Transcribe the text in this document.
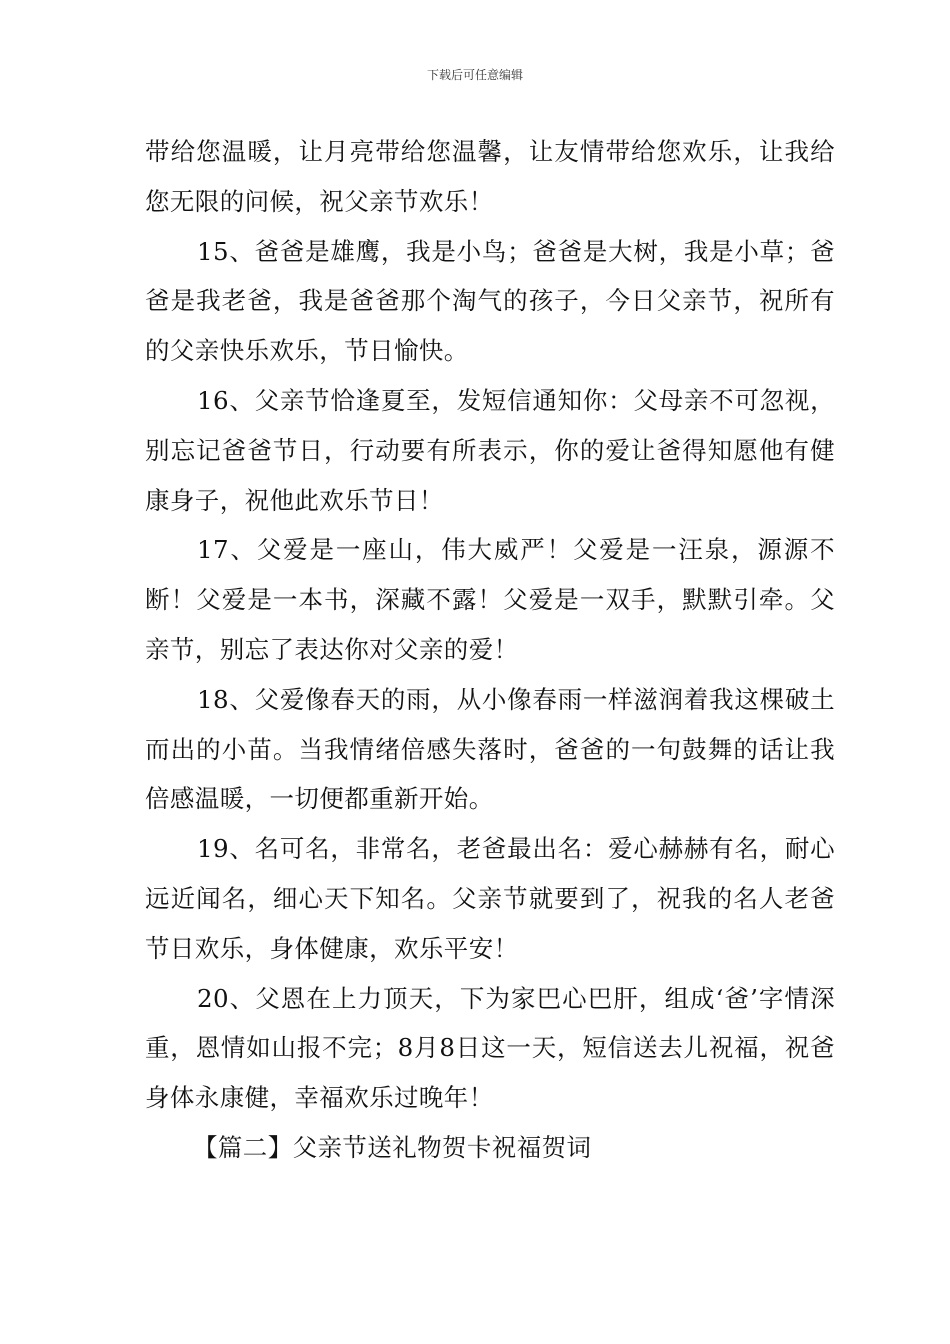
下载后可任意编辑

带给您温暖，让月亮带给您温馨，让友情带给您欢乐，让我给您无限的问候，祝父亲节欢乐！

15、爸爸是雄鹰，我是小鸟；爸爸是大树，我是小草；爸爸是我老爸，我是爸爸那个淘气的孩子，今日父亲节，祝所有的父亲快乐欢乐，节日愉快。

16、父亲节恰逢夏至，发短信通知你：父母亲不可忽视，别忘记爸爸节日，行动要有所表示，你的爱让爸得知愿他有健康身子，祝他此欢乐节日！

17、父爱是一座山，伟大威严！父爱是一汪泉，源源不断！父爱是一本书，深藏不露！父爱是一双手，默默引牵。父亲节，别忘了表达你对父亲的爱！

18、父爱像春天的雨，从小像春雨一样滋润着我这棵破土而出的小苗。当我情绪倍感失落时，爸爸的一句鼓舞的话让我倍感温暖，一切便都重新开始。

19、名可名，非常名，老爸最出名：爱心赫赫有名，耐心远近闻名，细心天下知名。父亲节就要到了，祝我的名人老爸节日欢乐，身体健康，欢乐平安！

20、父恩在上力顶天，下为家巴心巴肝，组成‘爸’字情深重，恩情如山报不完；8月8日这一天，短信送去儿祝福，祝爸身体永康健，幸福欢乐过晚年！

【篇二】父亲节送礼物贺卡祝福贺词
